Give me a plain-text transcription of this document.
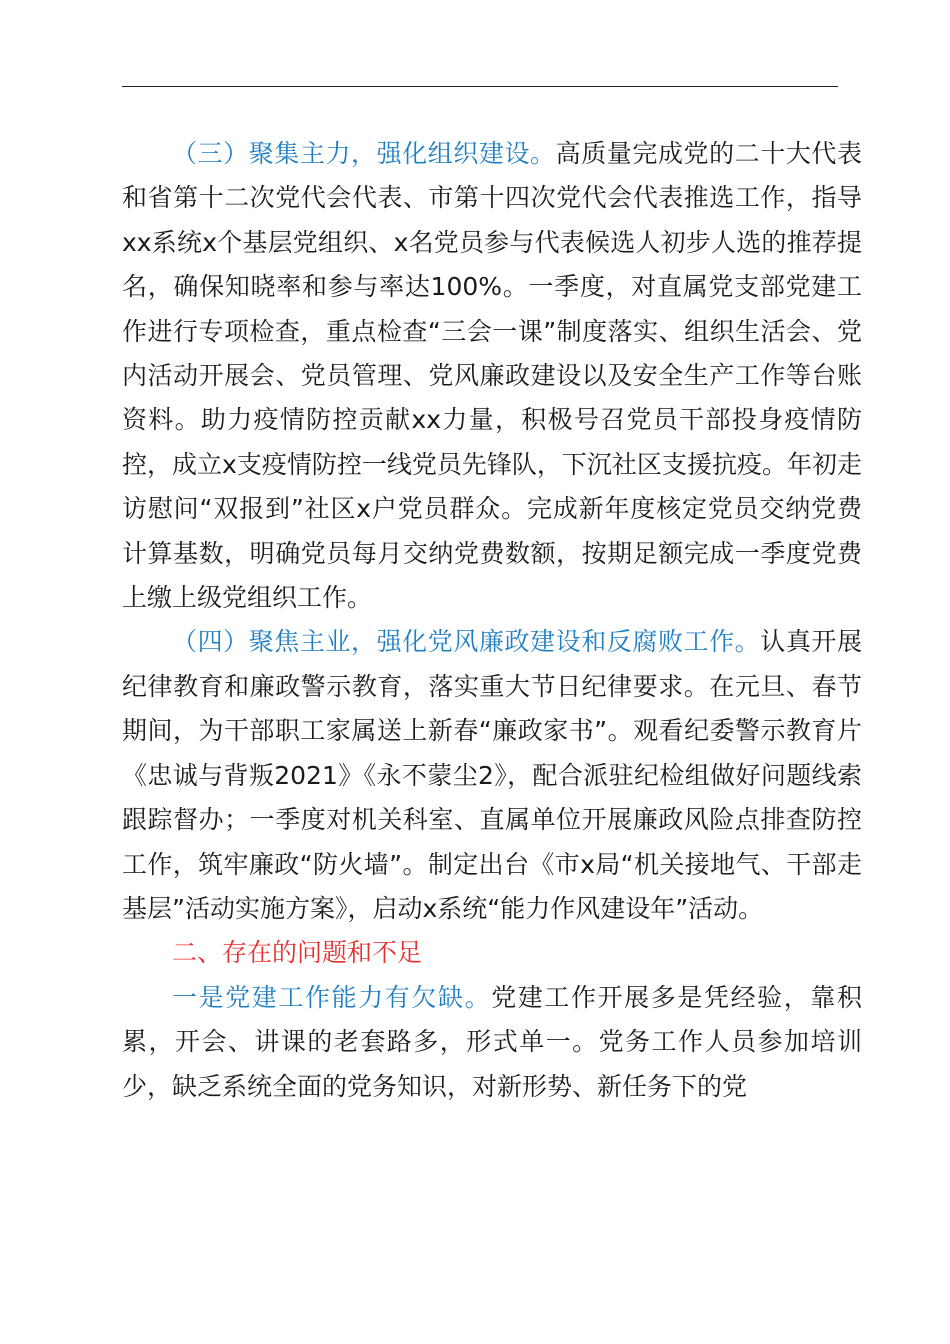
（三）聚集主力，强化组织建设。高质量完成党的二十大代表和省第十二次党代会代表、市第十四次党代会代表推选工作，指导xx系统x个基层党组织、x名党员参与代表候选人初步人选的推荐提名，确保知晓率和参与率达100%。一季度，对直属党支部党建工作进行专项检查，重点检查“三会一课”制度落实、组织生活会、党内活动开展会、党员管理、党风廉政建设以及安全生产工作等台账资料。助力疫情防控贡献xx力量，积极号召党员干部投身疫情防控，成立x支疫情防控一线党员先锋队，下沉社区支援抗疫。年初走访慰问“双报到”社区x户党员群众。完成新年度核定党员交纳党费计算基数，明确党员每月交纳党费数额，按期足额完成一季度党费上缴上级党组织工作。

（四）聚焦主业，强化党风廉政建设和反腐败工作。认真开展纪律教育和廉政警示教育，落实重大节日纪律要求。在元旦、春节期间，为干部职工家属送上新春“廉政家书”。观看纪委警示教育片《忠诚与背叛2021》《永不蒙尘2》，配合派驻纪检组做好问题线索跟踪督办；一季度对机关科室、直属单位开展廉政风险点排查防控工作，筑牢廉政“防火墙”。制定出台《市x局“机关接地气、干部走基层”活动实施方案》，启动x系统“能力作风建设年”活动。

二、存在的问题和不足

一是党建工作能力有欠缺。党建工作开展多是凭经验，靠积累，开会、讲课的老套路多，形式单一。党务工作人员参加培训少，缺乏系统全面的党务知识，对新形势、新任务下的党
